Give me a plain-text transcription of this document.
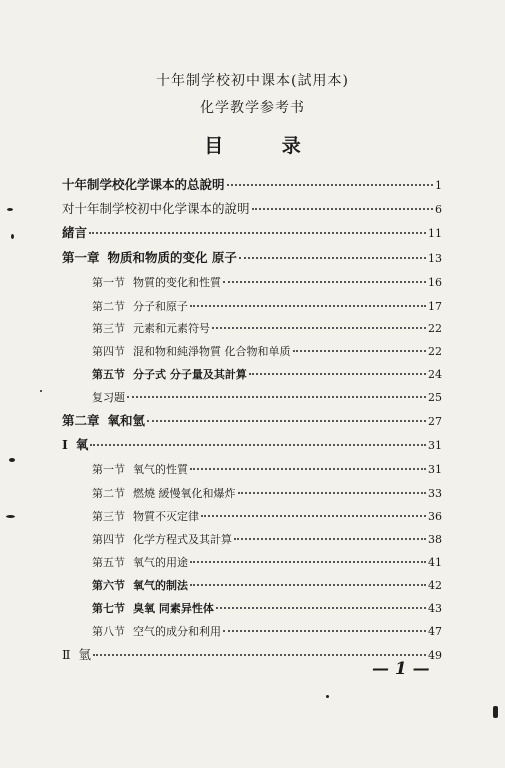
十年制学校初中课本(試用本)
化学教学参考书
目 录
十年制学校化学课本的总說明	1
对十年制学校初中化学课本的說明	6
緒言	11
第一章 物质和物质的变化 原子	13
第一节 物質的变化和性質	16
第二节 分子和原子	17
第三节 元素和元素符号	22
第四节 混和物和純淨物質 化合物和单质	22
第五节 分子式 分子量及其計算	24
复习题	25
第二章 氧和氫	27
Ⅰ 氧	31
第一节 氧气的性質	31
第二节 燃燒 緩慢氧化和爆炸	33
第三节 物質不灭定律	36
第四节 化学方程式及其計算	38
第五节 氧气的用途	41
第六节 氧气的制法	42
第七节 臭氧 同素异性体	43
第八节 空气的成分和利用	47
Ⅱ 氫	49
— 1 —
